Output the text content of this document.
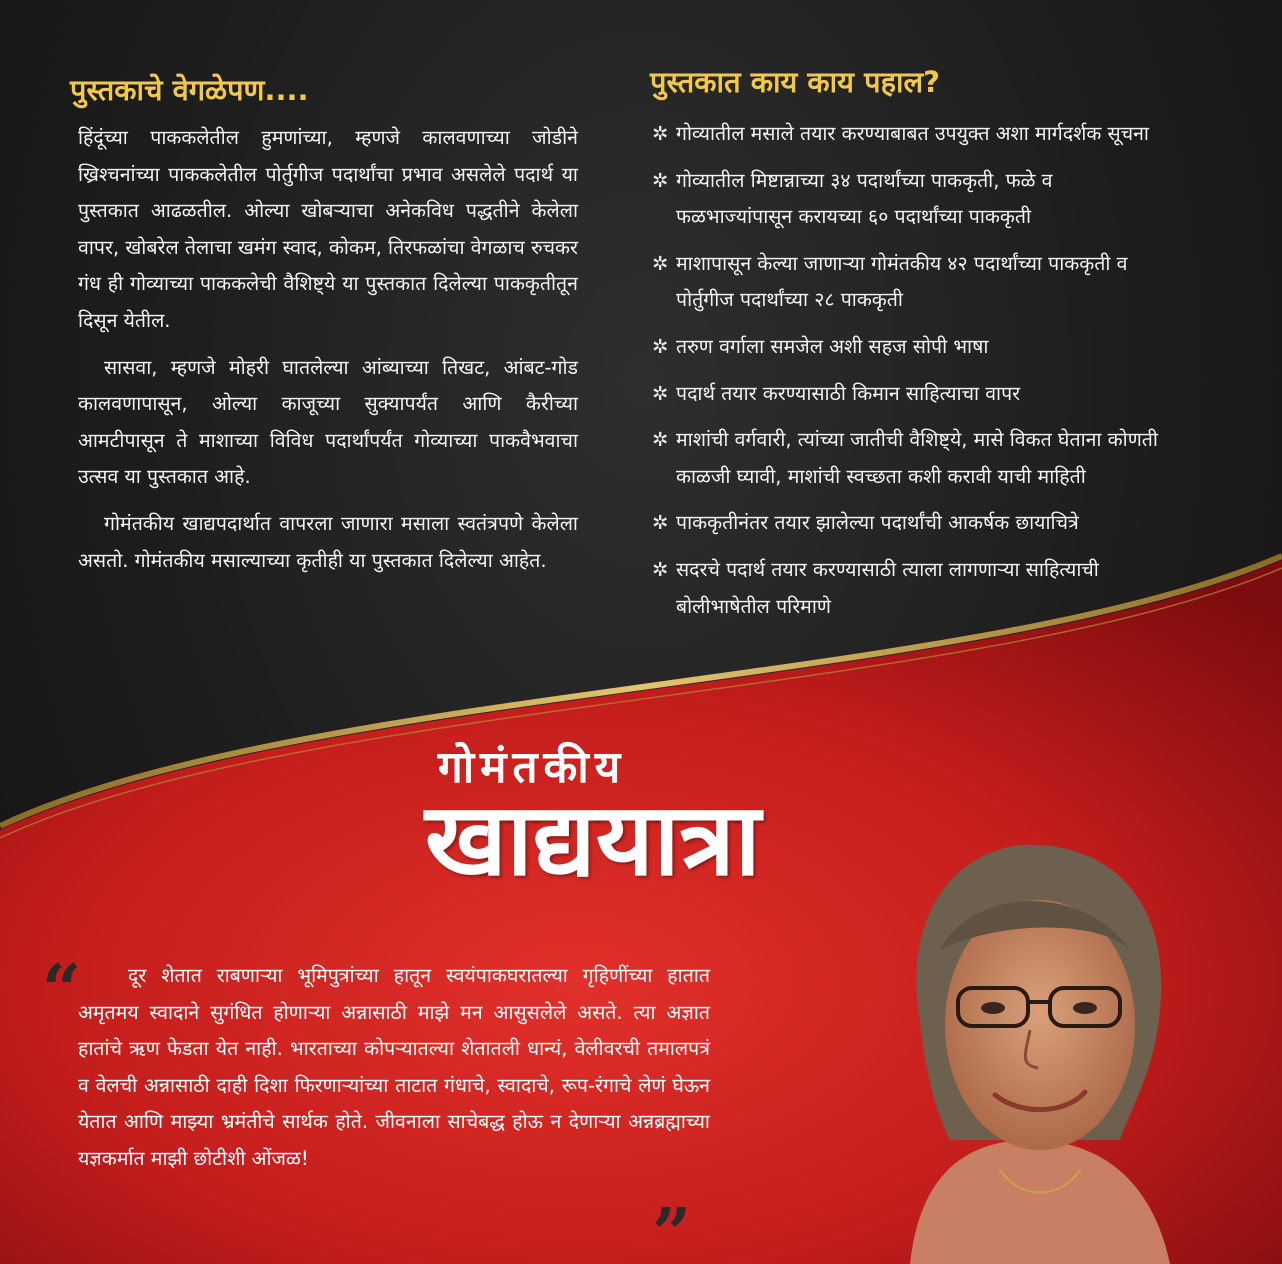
पुस्तकाचे वेगळेपण....

हिंदूंच्या पाककलेतील हुमणांच्या, म्हणजे कालवणाच्या जोडीने ख्रिश्चनांच्या पाककलेतील पोर्तुगीज पदार्थांचा प्रभाव असलेले पदार्थ या पुस्तकात आढळतील. ओल्या खोबऱ्याचा अनेकविध पद्धतीने केलेला वापर, खोबरेल तेलाचा खमंग स्वाद, कोकम, तिरफळांचा वेगळाच रुचकर गंध ही गोव्याच्या पाककलेची वैशिष्ट्ये या पुस्तकात दिलेल्या पाककृतीतून दिसून येतील.

सासवा, म्हणजे मोहरी घातलेल्या आंब्याच्या तिखट, आंबट-गोड कालवणापासून, ओल्या काजूच्या सुक्यापर्यंत आणि कैरीच्या आमटीपासून ते माशाच्या विविध पदार्थांपर्यंत गोव्याच्या पाकवैभवाचा उत्सव या पुस्तकात आहे.

गोमंतकीय खाद्यपदार्थात वापरला जाणारा मसाला स्वतंत्रपणे केलेला असतो. गोमंतकीय मसाल्याच्या कृतीही या पुस्तकात दिलेल्या आहेत.

पुस्तकात काय काय पहाल?
✲ गोव्यातील मसाले तयार करण्याबाबत उपयुक्त अशा मार्गदर्शक सूचना
✲ गोव्यातील मिष्टान्नाच्या ३४ पदार्थांच्या पाककृती, फळे व फळभाज्यांपासून करायच्या ६० पदार्थांच्या पाककृती
✲ माशापासून केल्या जाणाऱ्या गोमंतकीय ४२ पदार्थांच्या पाककृती व पोर्तुगीज पदार्थांच्या २८ पाककृती
✲ तरुण वर्गाला समजेल अशी सहज सोपी भाषा
✲ पदार्थ तयार करण्यासाठी किमान साहित्याचा वापर
✲ माशांची वर्गवारी, त्यांच्या जातीची वैशिष्ट्ये, मासे विकत घेताना कोणती काळजी घ्यावी, माशांची स्वच्छता कशी करावी याची माहिती
✲ पाककृतीनंतर तयार झालेल्या पदार्थांची आकर्षक छायाचित्रे
✲ सदरचे पदार्थ तयार करण्यासाठी त्याला लागणाऱ्या साहित्याची बोलीभाषेतील परिमाणे
गोमंतकीय
खाद्ययात्रा
“	दूर शेतात राबणाऱ्या भूमिपुत्रांच्या हातून स्वयंपाकघरातल्या गृहिणींच्या हातात अमृतमय स्वादाने सुगंधित होणाऱ्या अन्नासाठी माझे मन आसुसलेले असते. त्या अज्ञात हातांचे ऋण फेडता येत नाही. भारताच्या कोपऱ्यातल्या शेतातली धान्यं, वेलीवरची तमालपत्रं व वेलची अन्नासाठी दाही दिशा फिरणाऱ्यांच्या ताटात गंधाचे, स्वादाचे, रूप-रंगाचे लेणं घेऊन येतात आणि माझ्या भ्रमंतीचे सार्थक होते. जीवनाला साचेबद्ध होऊ न देणाऱ्या अन्नब्रह्माच्या यज्ञकर्मात माझी छोटीशी ओंजळ!

”
